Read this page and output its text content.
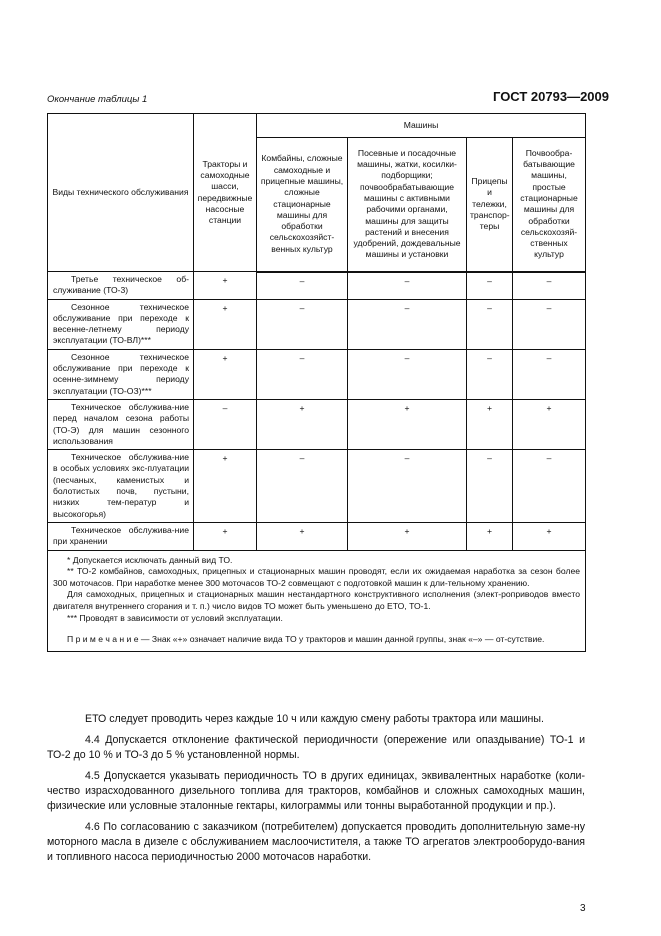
ГОСТ 20793—2009
Окончание таблицы 1
Виды технического обслуживания	Тракторы и самоходные шасси, передвижные насосные станции	Машины			
		Комбайны, сложные самоходные и прицепные машины, сложные стационарные машины для обработки сельскохозяйст-венных культур	Посевные и посадочные машины, жатки, косилки-подборщики; почвообрабатывающие машины с активными рабочими органами, машины для защиты растений и внесения удобрений, дождевальные машины и установки	Прицепы и тележки, транспор-теры	Почвообра-батывающие машины, простые стационарные машины для обработки сельскохозяй-ственных культур

Третье техническое об-служивание (ТО-3)	+	–	–	–	–

Сезонное техническое обслуживание при переходе к весенне-летнему периоду эксплуатации (ТО-ВЛ)***	+	–	–	–	–

Сезонное техническое обслуживание при переходе к осенне-зимнему периоду эксплуатации (ТО-ОЗ)***	+	–	–	–	–

Техническое обслужива-ние перед началом сезона работы (ТО-Э) для машин сезонного использования	–	+	+	+	+

Техническое обслужива-ние в особых условиях экс-плуатации (песчаных, каменистых и болотистых почв, пустыни, низких тем-ператур и высокогорья)	+	–	–	–	–

Техническое обслужива-ние при хранении	+	+	+	+	+

* Допускается исключать данный вид ТО.

** ТО-2 комбайнов, самоходных, прицепных и стационарных машин проводят, если их ожидаемая наработка за сезон более 300 моточасов. При наработке менее 300 моточасов ТО-2 совмещают с подготовкой машин к дли-тельному хранению.

Для самоходных, прицепных и стационарных машин нестандартного конструктивного исполнения (элект-роприводов вместо двигателя внутреннего сгорания и т. п.) число видов ТО может быть уменьшено до ЕТО, ТО-1.

*** Проводят в зависимости от условий эксплуатации.

П р и м е ч а н и е — Знак «+» означает наличие вида ТО у тракторов и машин данной группы, знак «–» — от-сутствие.					

ЕТО следует проводить через каждые 10 ч или каждую смену работы трактора или машины.

4.4 Допускается отклонение фактической периодичности (опережение или опаздывание) ТО-1 и ТО-2 до 10 % и ТО-3 до 5 % установленной нормы.

4.5 Допускается указывать периодичность ТО в других единицах, эквивалентных наработке (коли-чество израсходованного дизельного топлива для тракторов, комбайнов и сложных самоходных машин, физические или условные эталонные гектары, килограммы или тонны выработанной продукции и пр.).

4.6 По согласованию с заказчиком (потребителем) допускается проводить дополнительную заме-ну моторного масла в дизеле с обслуживанием маслоочистителя, а также ТО агрегатов электрооборудо-вания и топливного насоса периодичностью 2000 моточасов наработки.

3
